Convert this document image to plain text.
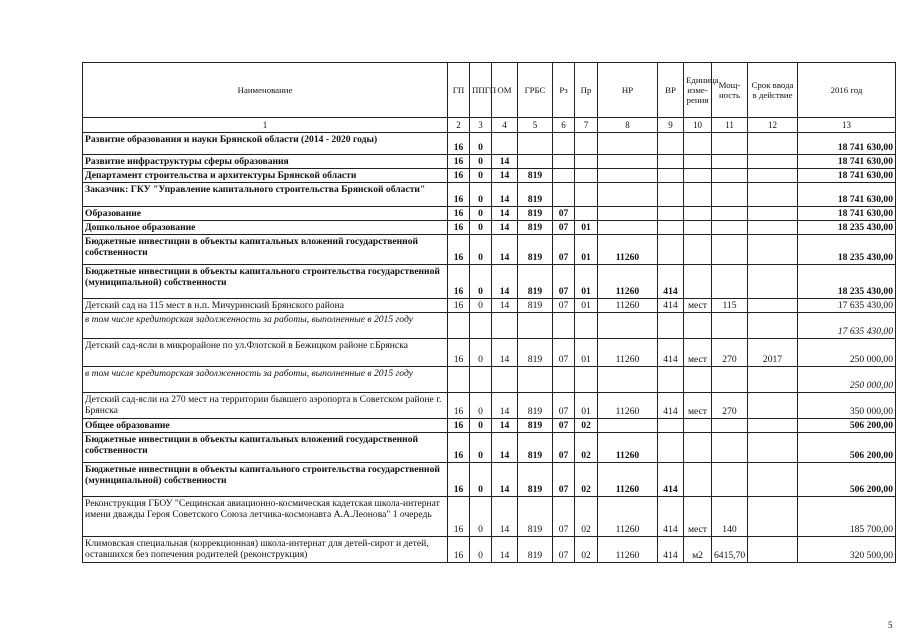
Наименование	ГП	ППГП	ОМ	ГРБС	Рз	Пр	НР	ВР	Единица изме-рения	Мощ-ность	Срок ввода в действие	2016 год
1	2	3	4	5	6	7	8	9	10	11	12	13
Развитие образования и науки Брянской области (2014 - 2020 годы)	16	0										18 741 630,00
Развитие инфраструктуры сферы образования	16	0	14									18 741 630,00
Департамент строительства и архитектуры Брянской области	16	0	14	819								18 741 630,00
Заказчик: ГКУ "Управление капитального строительства Брянской области"	16	0	14	819								18 741 630,00
Образование	16	0	14	819	07							18 741 630,00
Дошкольное образование	16	0	14	819	07	01						18 235 430,00
Бюджетные инвестиции в объекты капитальных вложений государственной собственности	16	0	14	819	07	01	11260					18 235 430,00
Бюджетные инвестиции в объекты капитального строительства государственной (муниципальной) собственности	16	0	14	819	07	01	11260	414				18 235 430,00
Детский сад на 115 мест в н.п. Мичуринский Брянского района	16	0	14	819	07	01	11260	414	мест	115		17 635 430,00
в том числе кредиторская задолженность за работы, выполненные в 2015 году												17 635 430,00
Детский сад-ясли в микрорайоне по ул.Флотской в Бежицком районе г.Брянска	16	0	14	819	07	01	11260	414	мест	270	2017	250 000,00
в том числе кредиторская задолженность за работы, выполненные в 2015 году												250 000,00
Детский сад-ясли на 270 мест на территории бывшего аэропорта в Советском районе г. Брянска	16	0	14	819	07	01	11260	414	мест	270		350 000,00
Общее образование	16	0	14	819	07	02						506 200,00
Бюджетные инвестиции в объекты капитальных вложений государственной собственности	16	0	14	819	07	02	11260					506 200,00
Бюджетные инвестиции в объекты капитального строительства государственной (муниципальной) собственности	16	0	14	819	07	02	11260	414				506 200,00
Реконструкция ГБОУ "Сещинская авиационно-космическая кадетская школа-интернат имени дважды Героя Советского Союза летчика-космонавта А.А.Леонова" 1 очередь	16	0	14	819	07	02	11260	414	мест	140		185 700,00
Климовская специальная (коррекционная) школа-интернат для детей-сирот и детей, оставшихся без попечения родителей (реконструкция)	16	0	14	819	07	02	11260	414	м2	6415,70		320 500,00
5
